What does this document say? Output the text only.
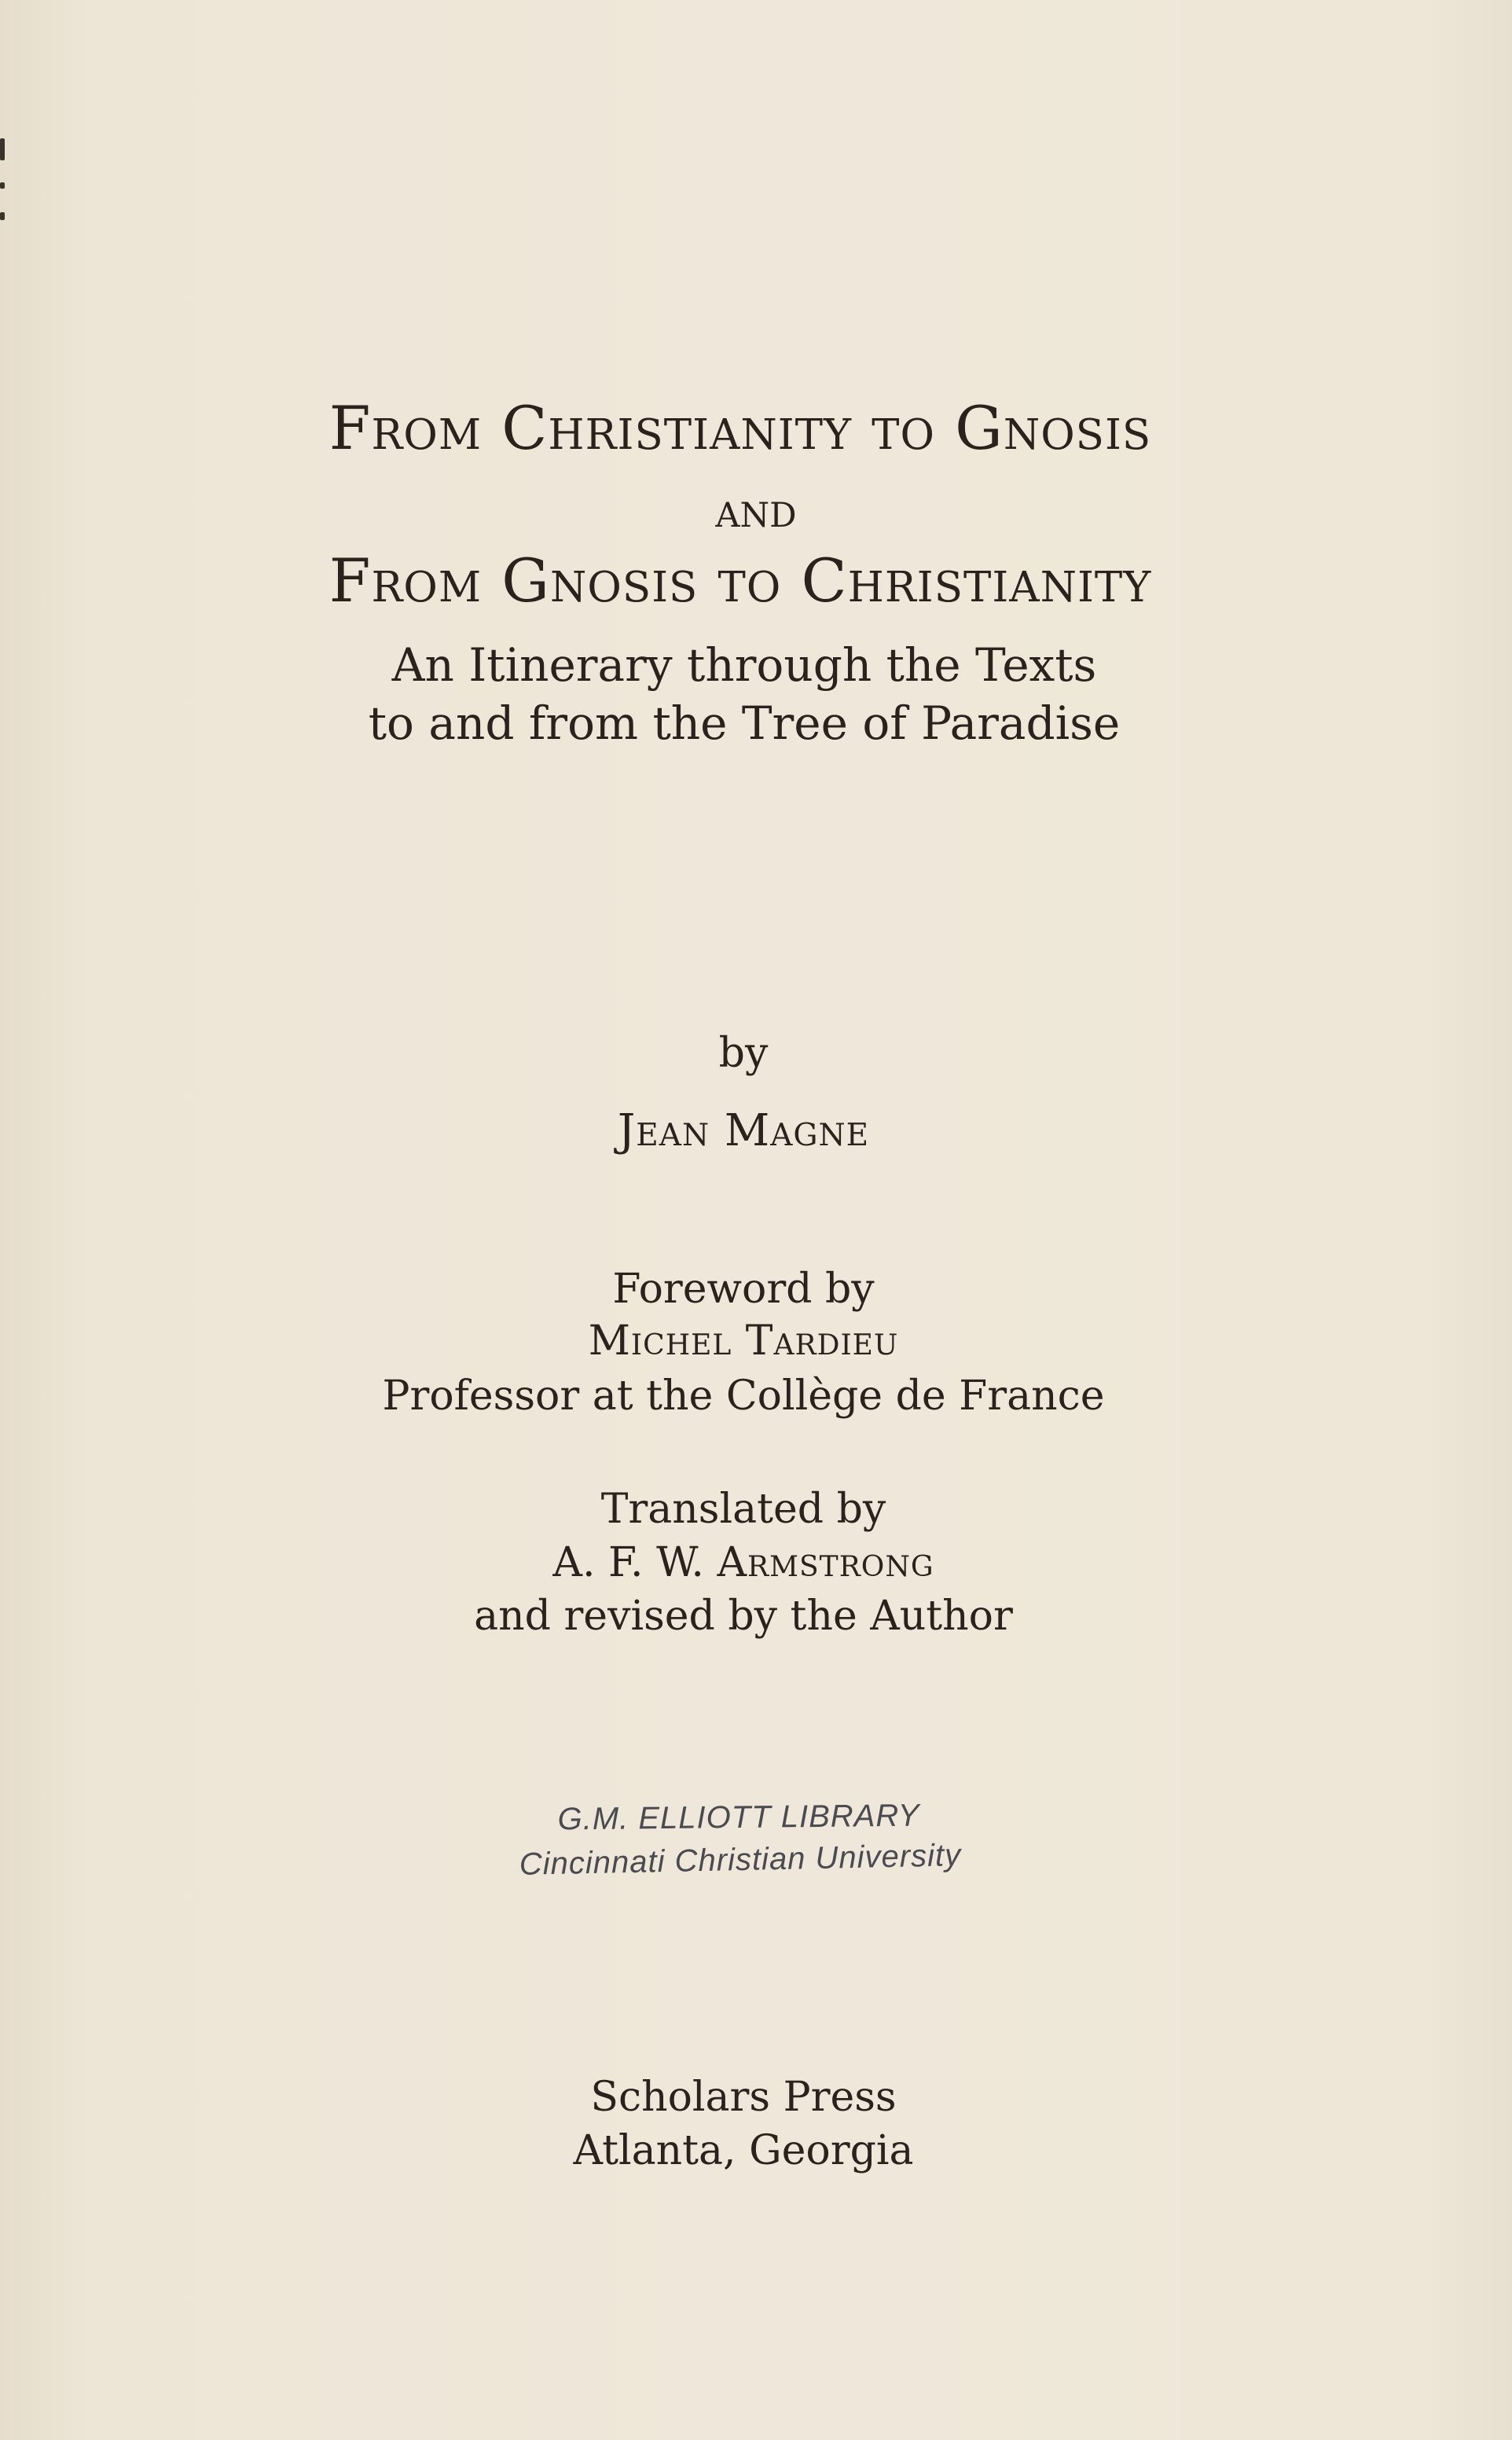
From Christianity to Gnosis
and
From Gnosis to Christianity
An Itinerary through the Texts
to and from the Tree of Paradise
by
Jean Magne
Foreword by
Michel Tardieu
Professor at the Collège de France
Translated by
A. F. W. Armstrong
and revised by the Author
G.M. ELLIOTT LIBRARY
Cincinnati Christian University
Scholars Press
Atlanta, Georgia
